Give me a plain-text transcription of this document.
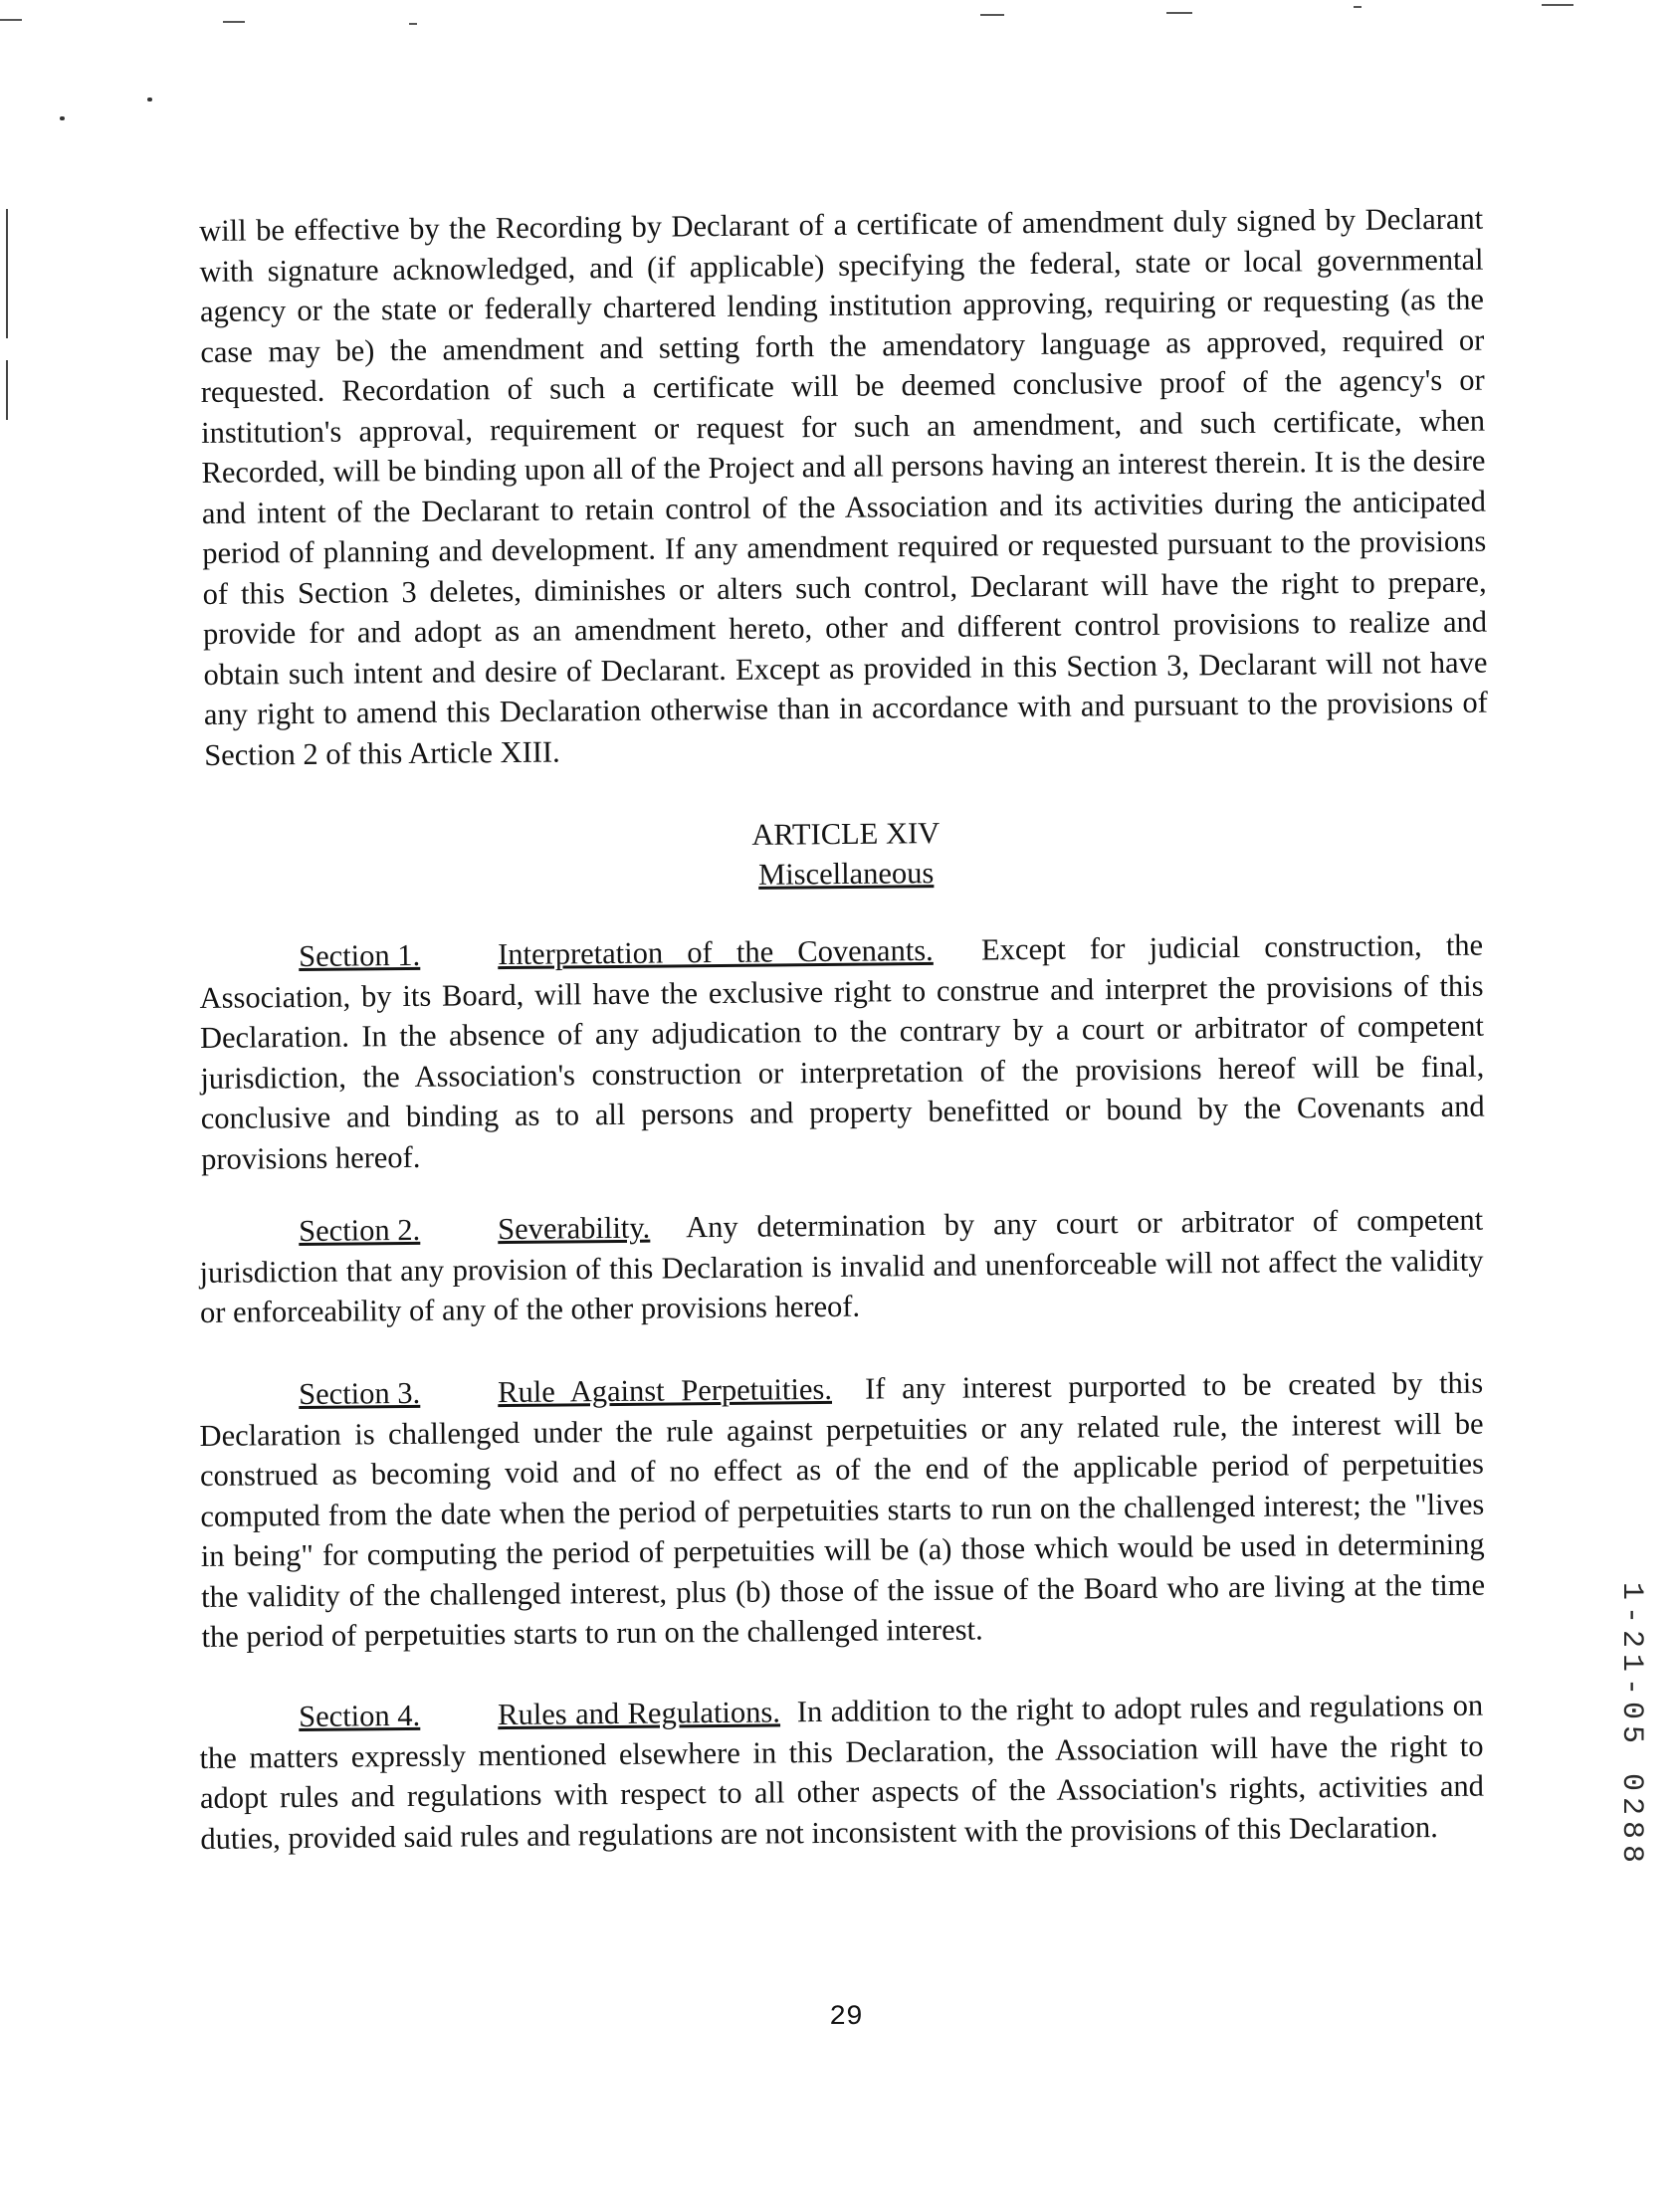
will be effective by the Recording by Declarant of a certificate of amendment duly signed by Declarant with signature acknowledged, and (if applicable) specifying the federal, state or local governmental agency or the state or federally chartered lending institution approving, requiring or requesting (as the case may be) the amendment and setting forth the amendatory language as approved, required or requested. Recordation of such a certificate will be deemed conclusive proof of the agency's or institution's approval, requirement or request for such an amendment, and such certificate, when Recorded, will be binding upon all of the Project and all persons having an interest therein. It is the desire and intent of the Declarant to retain control of the Association and its activities during the anticipated period of planning and development. If any amendment required or requested pursuant to the provisions of this Section 3 deletes, diminishes or alters such control, Declarant will have the right to prepare, provide for and adopt as an amendment hereto, other and different control provisions to realize and obtain such intent and desire of Declarant. Except as provided in this Section 3, Declarant will not have any right to amend this Declaration otherwise than in accordance with and pursuant to the provisions of Section 2 of this Article XIII.

ARTICLE XIV
Miscellaneous

Section 1.	Interpretation of the Covenants. Except for judicial construction, the Association, by its Board, will have the exclusive right to construe and interpret the provisions of this Declaration. In the absence of any adjudication to the contrary by a court or arbitrator of competent jurisdiction, the Association's construction or interpretation of the provisions hereof will be final, conclusive and binding as to all persons and property benefitted or bound by the Covenants and provisions hereof.

Section 2.	Severability. Any determination by any court or arbitrator of competent jurisdiction that any provision of this Declaration is invalid and unenforceable will not affect the validity or enforceability of any of the other provisions hereof.

Section 3.	Rule Against Perpetuities. If any interest purported to be created by this Declaration is challenged under the rule against perpetuities or any related rule, the interest will be construed as becoming void and of no effect as of the end of the applicable period of perpetuities computed from the date when the period of perpetuities starts to run on the challenged interest; the "lives in being" for computing the period of perpetuities will be (a) those which would be used in determining the validity of the challenged interest, plus (b) those of the issue of the Board who are living at the time the period of perpetuities starts to run on the challenged interest.

Section 4.	Rules and Regulations. In addition to the right to adopt rules and regulations on the matters expressly mentioned elsewhere in this Declaration, the Association will have the right to adopt rules and regulations with respect to all other aspects of the Association's rights, activities and duties, provided said rules and regulations are not inconsistent with the provisions of this Declaration.

29
1-21-05 0288
